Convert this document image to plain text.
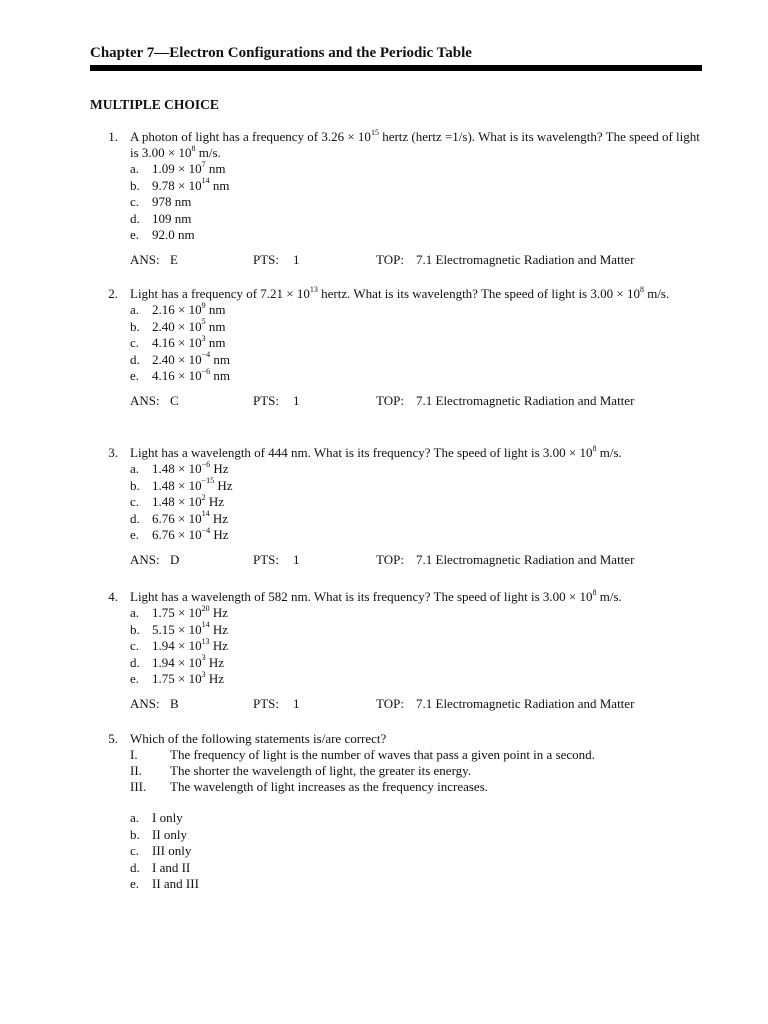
Chapter 7—Electron Configurations and the Periodic Table
MULTIPLE CHOICE
1. A photon of light has a frequency of $3.26 \times 10^{15}$ hertz (hertz =1/s). What is its wavelength? The speed of light is $3.00 \times 10^8$ m/s.
a. $1.09 \times 10^7$ nm
b. $9.78 \times 10^{14}$ nm
c. 978 nm
d. 109 nm
e. 92.0 nm
ANS: E	PTS: 1	TOP: 7.1 Electromagnetic Radiation and Matter
2. Light has a frequency of $7.21 \times 10^{13}$ hertz. What is its wavelength? The speed of light is $3.00 \times 10^8$ m/s.
a. $2.16 \times 10^9$ nm
b. $2.40 \times 10^5$ nm
c. $4.16 \times 10^3$ nm
d. $2.40 \times 10^{-4}$ nm
e. $4.16 \times 10^{-6}$ nm
ANS: C	PTS: 1	TOP: 7.1 Electromagnetic Radiation and Matter
3. Light has a wavelength of 444 nm. What is its frequency? The speed of light is $3.00 \times 10^8$ m/s.
a. $1.48 \times 10^{-6}$ Hz
b. $1.48 \times 10^{-15}$ Hz
c. $1.48 \times 10^2$ Hz
d. $6.76 \times 10^{14}$ Hz
e. $6.76 \times 10^{-4}$ Hz
ANS: D	PTS: 1	TOP: 7.1 Electromagnetic Radiation and Matter
4. Light has a wavelength of 582 nm. What is its frequency? The speed of light is $3.00 \times 10^8$ m/s.
a. $1.75 \times 10^{20}$ Hz
b. $5.15 \times 10^{14}$ Hz
c. $1.94 \times 10^{13}$ Hz
d. $1.94 \times 10^3$ Hz
e. $1.75 \times 10^3$ Hz
ANS: B	PTS: 1	TOP: 7.1 Electromagnetic Radiation and Matter
5. Which of the following statements is/are correct?
I. The frequency of light is the number of waves that pass a given point in a second.
II. The shorter the wavelength of light, the greater its energy.
III. The wavelength of light increases as the frequency increases.
a. I only
b. II only
c. III only
d. I and II
e. II and III
